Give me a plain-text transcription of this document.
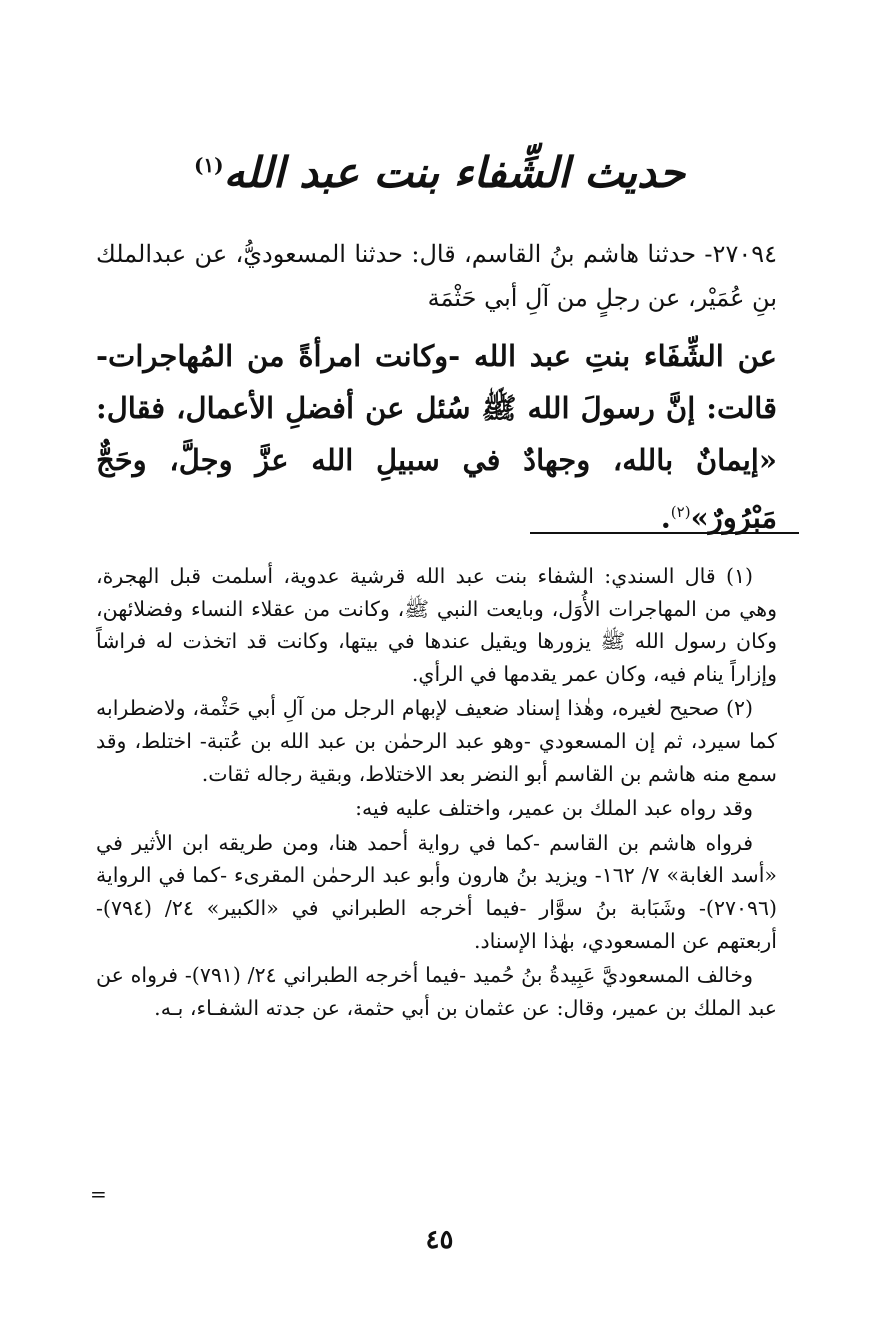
حديث الشِّفاء بنت عبد الله$^{(١)}$
٢٧٠٩٤- حدثنا هاشم بنُ القاسم، قال: حدثنا المسعوديُّ، عن عبدالملك بنِ عُمَيْر، عن رجلٍ من آلِ أبي حَثْمَة
عن الشِّفَاء بنتِ عبد الله -وكانت امرأةً من المُهاجرات- قالت: إنَّ رسولَ الله ﷺ سُئل عن أفضلِ الأعمال، فقال: «إيمانٌ بالله، وجهادٌ في سبيلِ الله عزَّ وجلَّ، وحَجٌّ مَبْرُورٌ»$^{(٢)}$.

(١) قال السندي: الشفاء بنت عبد الله قرشية عدوية، أسلمت قبل الهجرة، وهي من المهاجرات الأُوَل، وبايعت النبي ﷺ، وكانت من عقلاء النساء وفضلائهن، وكان رسول الله ﷺ يزورها ويقيل عندها في بيتها، وكانت قد اتخذت له فراشاً وإزاراً ينام فيه، وكان عمر يقدمها في الرأي.

(٢) صحيح لغيره، وهٰذا إسناد ضعيف لإبهام الرجل من آلِ أبي حَثْمة، ولاضطرابه كما سيرد، ثم إن المسعودي -وهو عبد الرحمٰن بن عبد الله بن عُتبة- اختلط، وقد سمع منه هاشم بن القاسم أبو النضر بعد الاختلاط، وبقية رجاله ثقات.

وقد رواه عبد الملك بن عمير، واختلف عليه فيه:

فرواه هاشم بن القاسم -كما في رواية أحمد هنا، ومن طريقه ابن الأثير في «أسد الغابة» ٧/ ١٦٢- ويزيد بنُ هارون وأبو عبد الرحمٰن المقرىء -كما في الرواية (٢٧٠٩٦)- وشَبَابة بنُ سوَّار -فيما أخرجه الطبراني في «الكبير» ٢٤/ (٧٩٤)- أربعتهم عن المسعودي، بهٰذا الإسناد.

وخالف المسعوديَّ عَبِيدةُ بنُ حُميد -فيما أخرجه الطبراني ٢٤/ (٧٩١)- فرواه عن عبد الملك بن عمير، وقال: عن عثمان بن أبي حثمة، عن جدته الشفـاء، بـه.

=
٤٥
